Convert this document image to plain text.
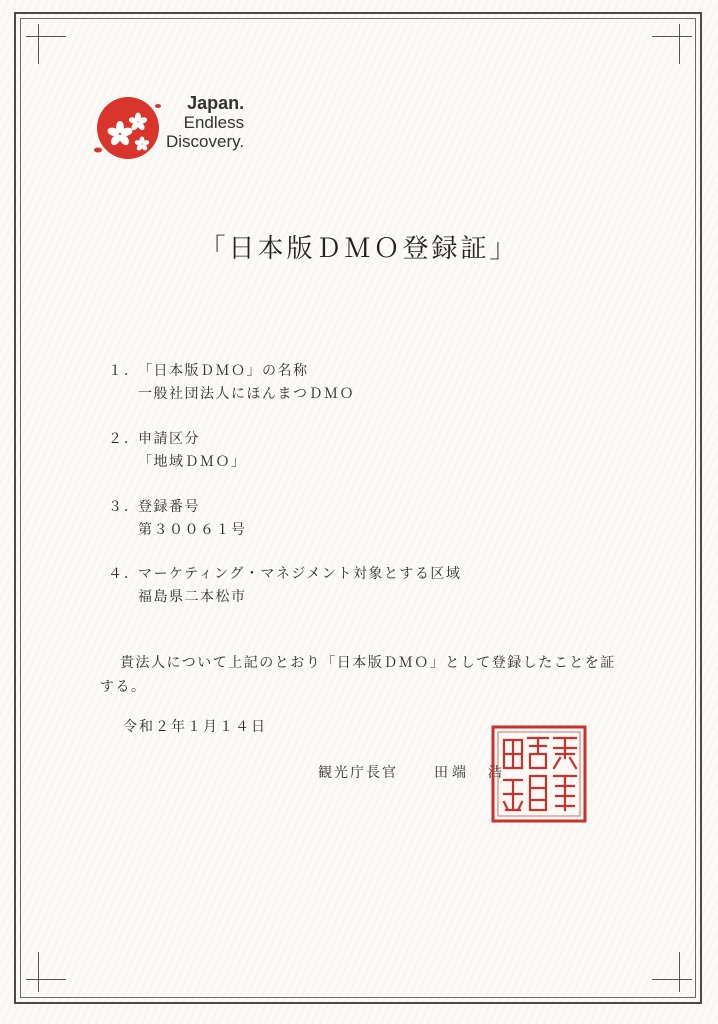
Japan.
Endless
Discovery.
「日本版ＤＭＯ登録証」
１．
「日本版ＤＭＯ」の名称
一般社団法人にほんまつＤＭＯ
２．
申請区分
「地域ＤＭＯ」
３．
登録番号
第３００６１号
４．
マーケティング・マネジメント対象とする区域
福島県二本松市
貴法人について上記のとおり「日本版ＤＭＯ」として登録したことを証する。
令和２年１月１４日
観光庁長官	田端　浩
